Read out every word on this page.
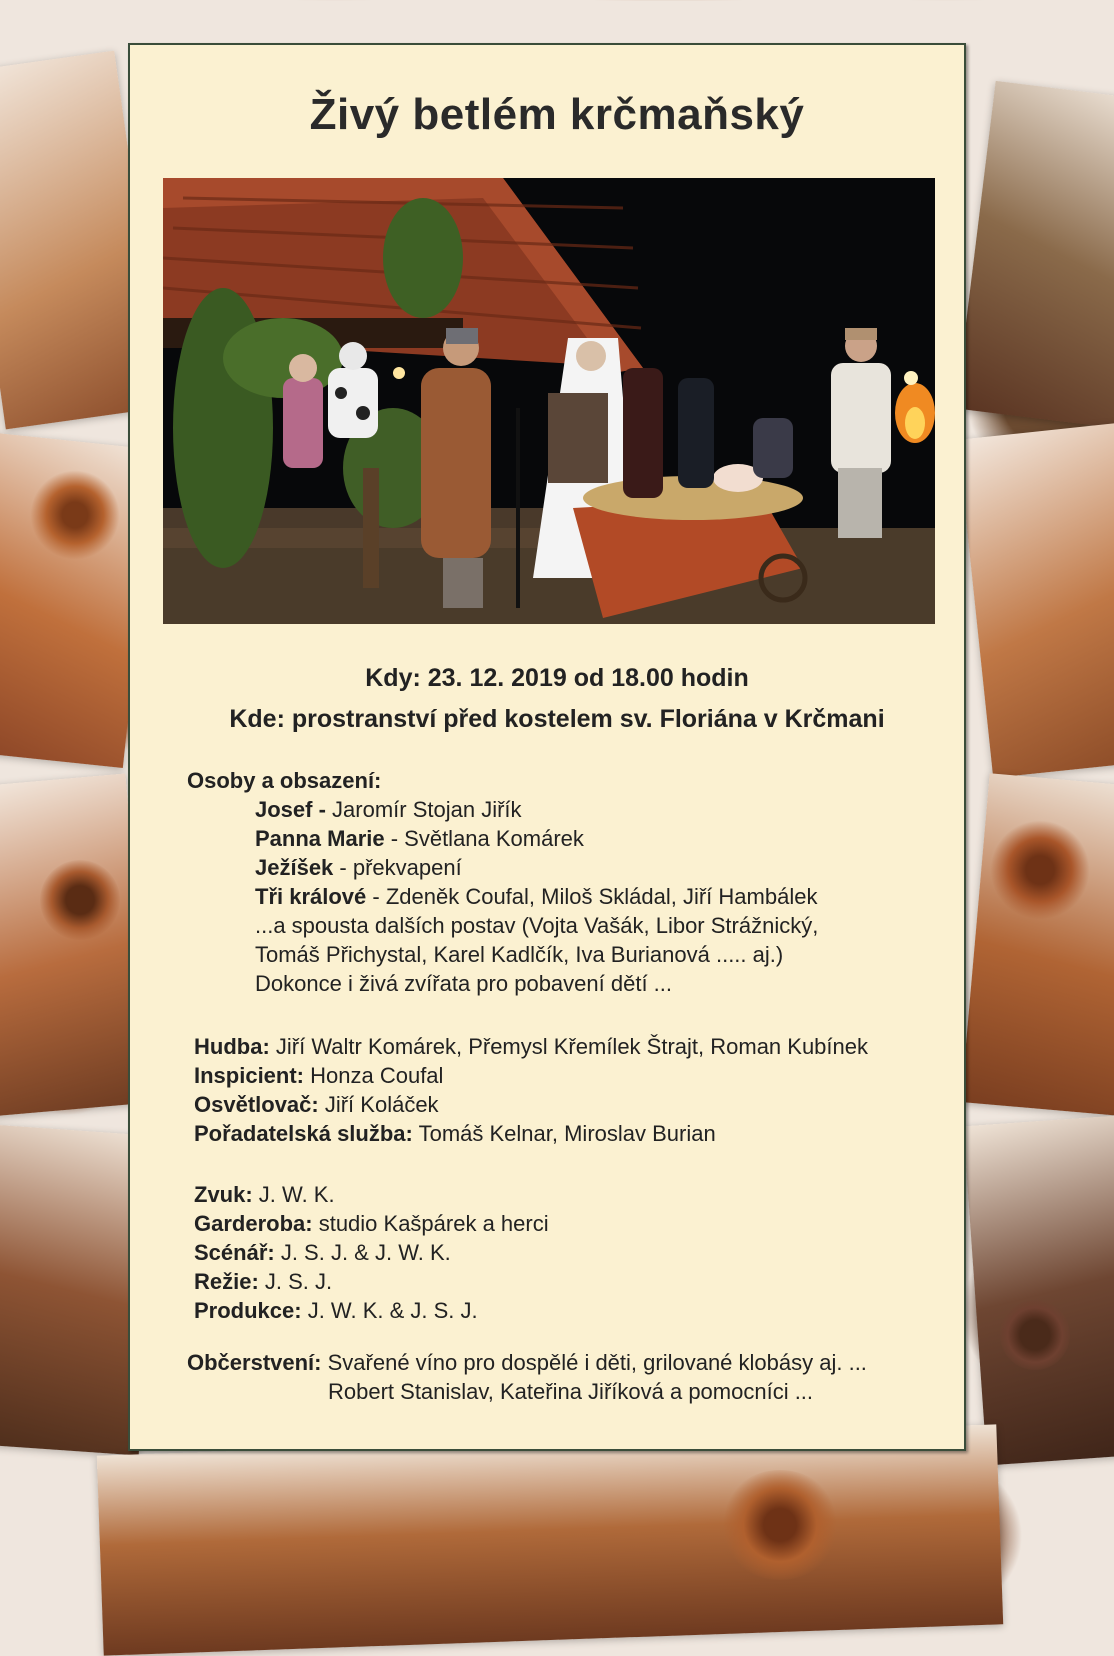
Živý betlém krčmaňský
Kdy: 23. 12. 2019 od 18.00 hodin
Kde: prostranství před kostelem sv. Floriána v Krčmani
Osoby a obsazení:
Josef - Jaromír Stojan Jiřík
Panna Marie - Světlana Komárek
Ježíšek - překvapení
Tři králové - Zdeněk Coufal, Miloš Skládal, Jiří Hambálek
...a spousta dalších postav (Vojta Vašák, Libor Strážnický,
Tomáš Přichystal, Karel Kadlčík, Iva Burianová ..... aj.)
Dokonce i živá zvířata pro pobavení dětí ...
Hudba: Jiří Waltr Komárek, Přemysl Křemílek Štrajt, Roman Kubínek
Inspicient: Honza Coufal
Osvětlovač: Jiří Koláček
Pořadatelská služba: Tomáš Kelnar, Miroslav Burian
Zvuk: J. W. K.
Garderoba: studio Kašpárek a herci
Scénář: J. S. J. & J. W. K.
Režie: J. S. J.
Produkce: J. W. K. & J. S. J.
Občerstvení: Svařené víno pro dospělé i děti, grilované klobásy aj. ...
Robert Stanislav, Kateřina Jiříková a pomocníci ...
